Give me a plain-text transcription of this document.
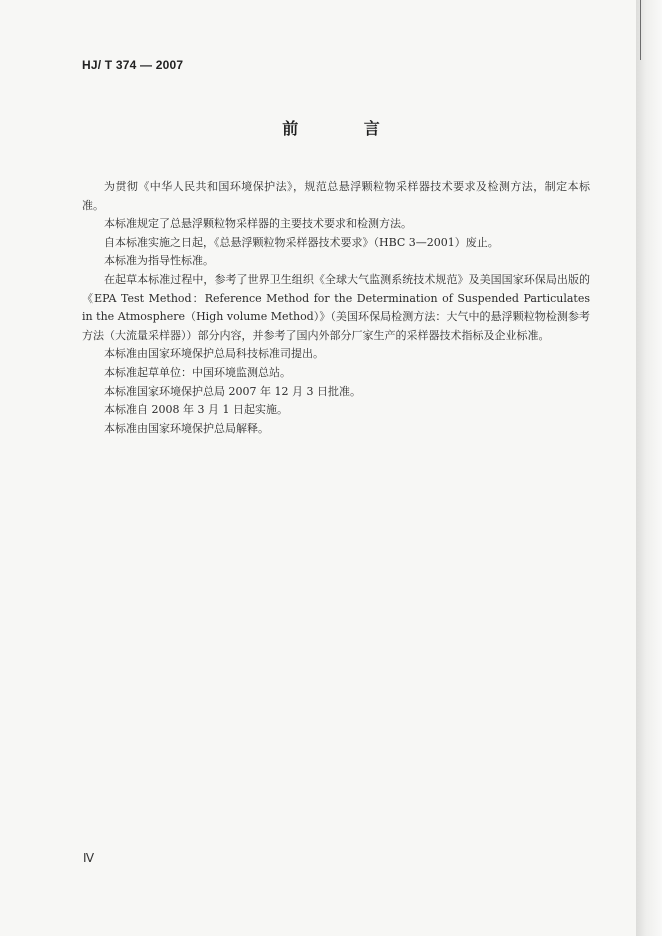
HJ/ T 374 — 2007
前 言

为贯彻《中华人民共和国环境保护法》，规范总悬浮颗粒物采样器技术要求及检测方法，制定本标准。

本标准规定了总悬浮颗粒物采样器的主要技术要求和检测方法。

自本标准实施之日起，《总悬浮颗粒物采样器技术要求》（HBC 3—2001）废止。

本标准为指导性标准。

在起草本标准过程中，参考了世界卫生组织《全球大气监测系统技术规范》及美国国家环保局出版的《EPA Test Method：Reference Method for the Determination of Suspended Particulates in the Atmosphere（High volume Method）》（美国环保局检测方法：大气中的悬浮颗粒物检测参考方法（大流量采样器））部分内容，并参考了国内外部分厂家生产的采样器技术指标及企业标准。

本标准由国家环境保护总局科技标准司提出。

本标准起草单位：中国环境监测总站。

本标准国家环境保护总局 2007 年 12 月 3 日批准。

本标准自 2008 年 3 月 1 日起实施。

本标准由国家环境保护总局解释。

Ⅳ
